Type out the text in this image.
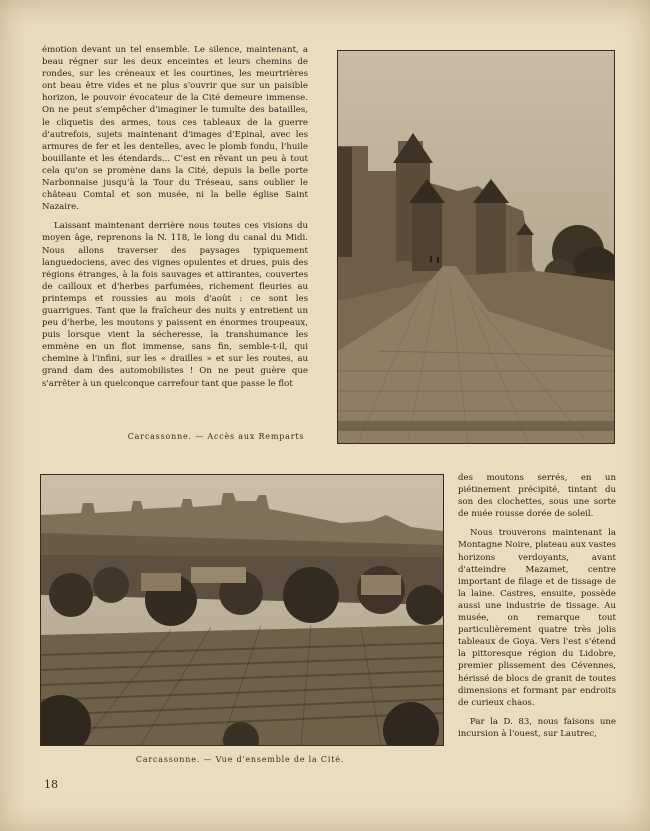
émotion devant un tel ensemble. Le silence, maintenant, a beau régner sur les deux enceintes et leurs chemins de rondes, sur les créneaux et les courtines, les meurtrières ont beau être vides et ne plus s'ouvrir que sur un paisible horizon, le pouvoir évocateur de la Cité demeure immense. On ne peut s'empêcher d'imaginer le tumulte des batailles, le cliquetis des armes, tous ces tableaux de la guerre d'autrefois, sujets maintenant d'images d'Epinal, avec les armures de fer et les dentelles, avec le plomb fondu, l'huile bouillante et les étendards... C'est en rêvant un peu à tout cela qu'on se promène dans la Cité, depuis la belle porte Narbonnaise jusqu'à la Tour du Tréseau, sans oublier le château Comtal et son musée, ni la belle église Saint Nazaire.

Laissant maintenant derrière nous toutes ces visions du moyen âge, reprenons la N. 118, le long du canal du Midi. Nous allons traverser des paysages typiquement languedociens, avec des vignes opulentes et drues, puis des régions étranges, à la fois sauvages et attirantes, couvertes de cailloux et d'herbes parfumées, richement fleuries au printemps et roussies au mois d'août : ce sont les guarrigues. Tant que la fraîcheur des nuits y entretient un peu d'herbe, les moutons y paissent en énormes troupeaux, puis lorsque vient la sécheresse, la transhumance les emmène en un flot immense, sans fin, semble-t-il, qui chemine à l'infini, sur les « drailles » et sur les routes, au grand dam des automobilistes ! On ne peut guère que s'arrêter à un quelconque carrefour tant que passe le flot

Carcassonne. — Accès aux Remparts
Carcassonne. — Vue d'ensemble de la Cité.

des moutons serrés, en un piétinement précipité, tintant du son des clochettes, sous une sorte de nuée rousse dorée de soleil.

Nous trouverons maintenant la Montagne Noire, plateau aux vastes horizons verdoyants, avant d'atteindre Mazamet, centre important de filage et de tissage de la laine. Castres, ensuite, possède aussi une industrie de tissage. Au musée, on remarque tout particulièrement quatre très jolis tableaux de Goya. Vers l'est s'étend la pittoresque région du Lidobre, premier plissement des Cévennes, hérissé de blocs de granit de toutes dimensions et formant par endroits de curieux chaos.

Par la D. 83, nous faisons une incursion à l'ouest, sur Lautrec,

18
